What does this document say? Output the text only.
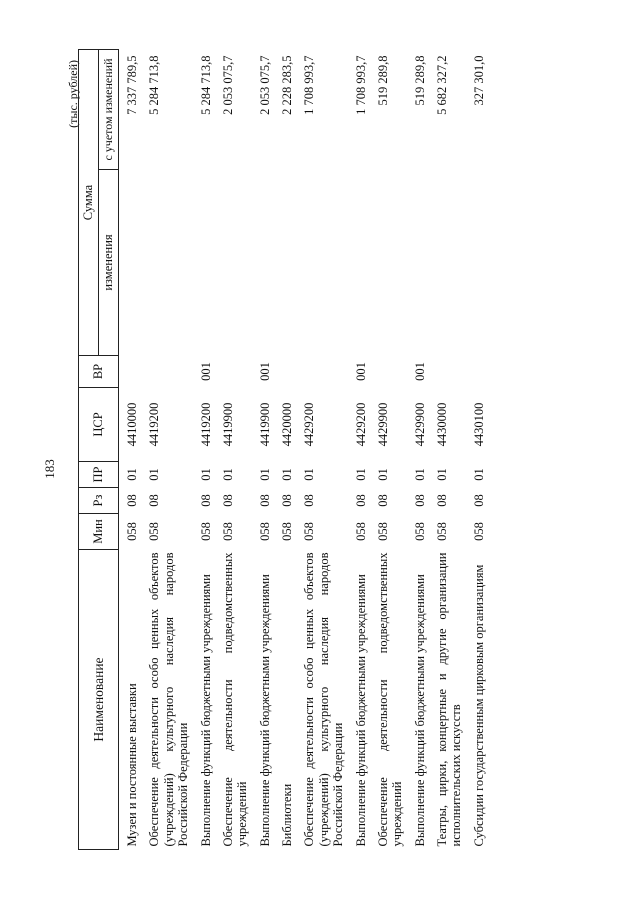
183
(тыс. рублей)
Наименование	Мин	Рз	ПР	ЦСР	ВР	Сумма	
						изменения	с учетом изменений
Музеи и постоянные выставки	058	08	01	4410000			7 337 789,5
Обеспечение деятельности особо ценных объектов (учреждений) культурного наследия народов Российской Федерации	058	08	01	4419200			5 284 713,8
Выполнение функций бюджетными учреждениями	058	08	01	4419200	001		5 284 713,8
Обеспечение деятельности подведомственных учреждений	058	08	01	4419900			2 053 075,7
Выполнение функций бюджетными учреждениями	058	08	01	4419900	001		2 053 075,7
Библиотеки	058	08	01	4420000			2 228 283,5
Обеспечение деятельности особо ценных объектов (учреждений) культурного наследия народов Российской Федерации	058	08	01	4429200			1 708 993,7
Выполнение функций бюджетными учреждениями	058	08	01	4429200	001		1 708 993,7
Обеспечение деятельности подведомственных учреждений	058	08	01	4429900			519 289,8
Выполнение функций бюджетными учреждениями	058	08	01	4429900	001		519 289,8
Театры, цирки, концертные и другие организации исполнительских искусств	058	08	01	4430000			5 682 327,2
Субсидии государственным цирковым организациям	058	08	01	4430100			327 301,0
